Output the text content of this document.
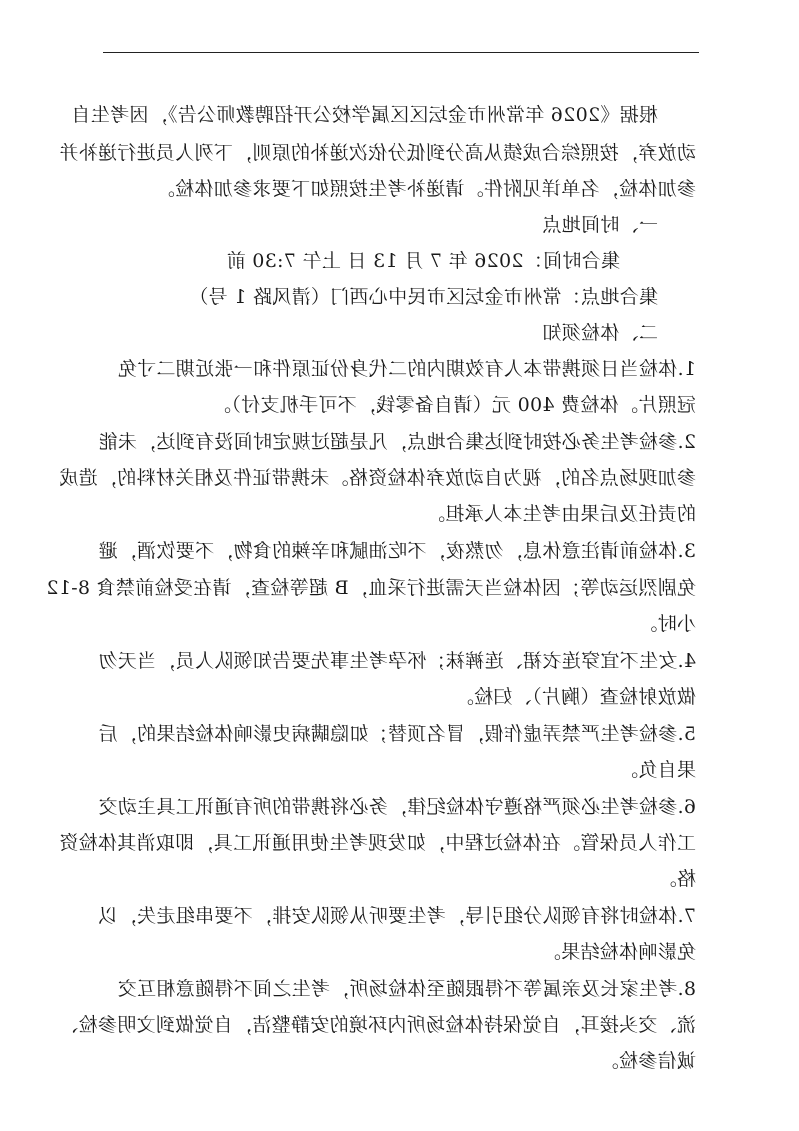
根据《2026 年常州市金坛区区属学校公开招聘教师公告》，因考生自
动放弃，按照综合成绩从高分到低分依次递补的原则，下列人员进行递补并
参加体检，名单详见附件。请递补考生按照如下要求参加体检。
一、时间地点
集合时间：2026 年 7 月 13 日 上午 7:30 前
集合地点：常州市金坛区市民中心西门（清风路 1 号）
二、体检须知
1.体检当日须携带本人有效期内的二代身份证原件和一张近期二寸免
冠照片。体检费 400 元（请自备零钱，不可手机支付）。
2.参检考生务必按时到达集合地点，凡是超过规定时间没有到达，未能
参加现场点名的，视为自动放弃体检资格。未携带证件及相关材料的，造成
的责任及后果由考生本人承担。
3.体检前请注意休息，勿熬夜，不吃油腻和辛辣的食物，不要饮酒，避
免剧烈运动等；因体检当天需进行采血，B 超等检查，请在受检前禁食 8-12
小时。
4.女生不宜穿连衣裙、连裤袜；怀孕考生事先要告知领队人员，当天勿
做放射检查（胸片）、妇检。
5.参检考生严禁弄虚作假，冒名顶替；如隐瞒病史影响体检结果的，后
果自负。
6.参检考生必须严格遵守体检纪律，务必将携带的所有通讯工具主动交
工作人员保管。在体检过程中，如发现考生使用通讯工具，即取消其体检资
格。
7.体检时将有领队分组引导，考生要听从领队安排，不要串组走失，以
免影响体检结果。
8.考生家长及亲属等不得跟随至体检场所，考生之间不得随意相互交
流、交头接耳，自觉保持体检场所内环境的安静整洁，自觉做到文明参检、
诚信参检。
